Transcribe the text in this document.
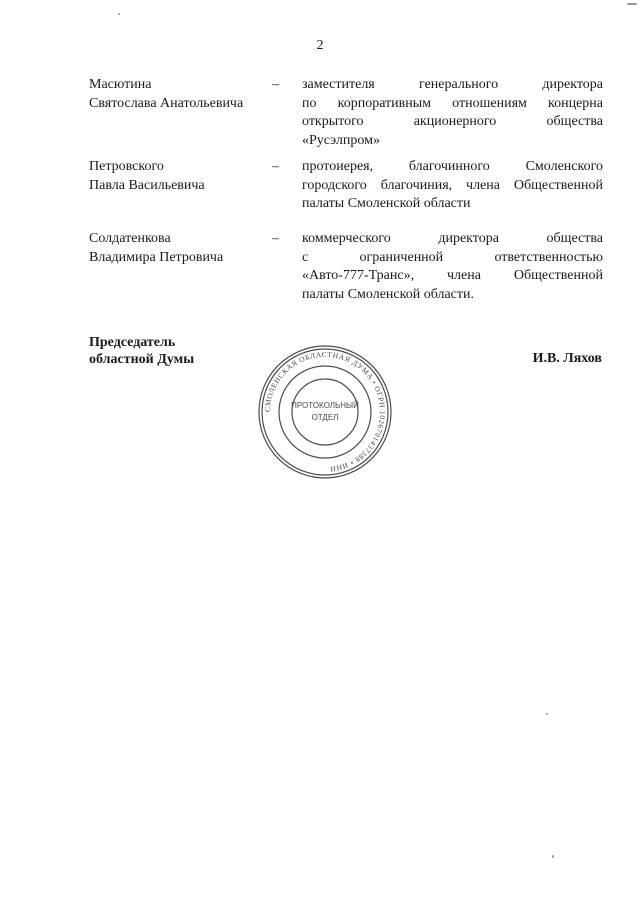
2
Масютина
Святослава Анатольевича
– заместителя генерального директора
по корпоративным отношениям концерна
открытого акционерного общества
«Русэлпром»
Петровского
Павла Васильевича
– протоиерея, благочинного Смоленского
городского благочиния, члена Общественной
палаты Смоленской области
Солдатенкова
Владимира Петровича
– коммерческого директора общества
с ограниченной ответственностью
«Авто-777-Транс», члена Общественной
палаты Смоленской области.
Председатель
областной Думы	И.В. Ляхов
СМОЛЕНСКАЯ ОБЛАСТНАЯ ДУМА • ОГРН 1026701437388 • ИНН
ПРОТОКОЛЬНЫЙ
ОТДЕЛ
